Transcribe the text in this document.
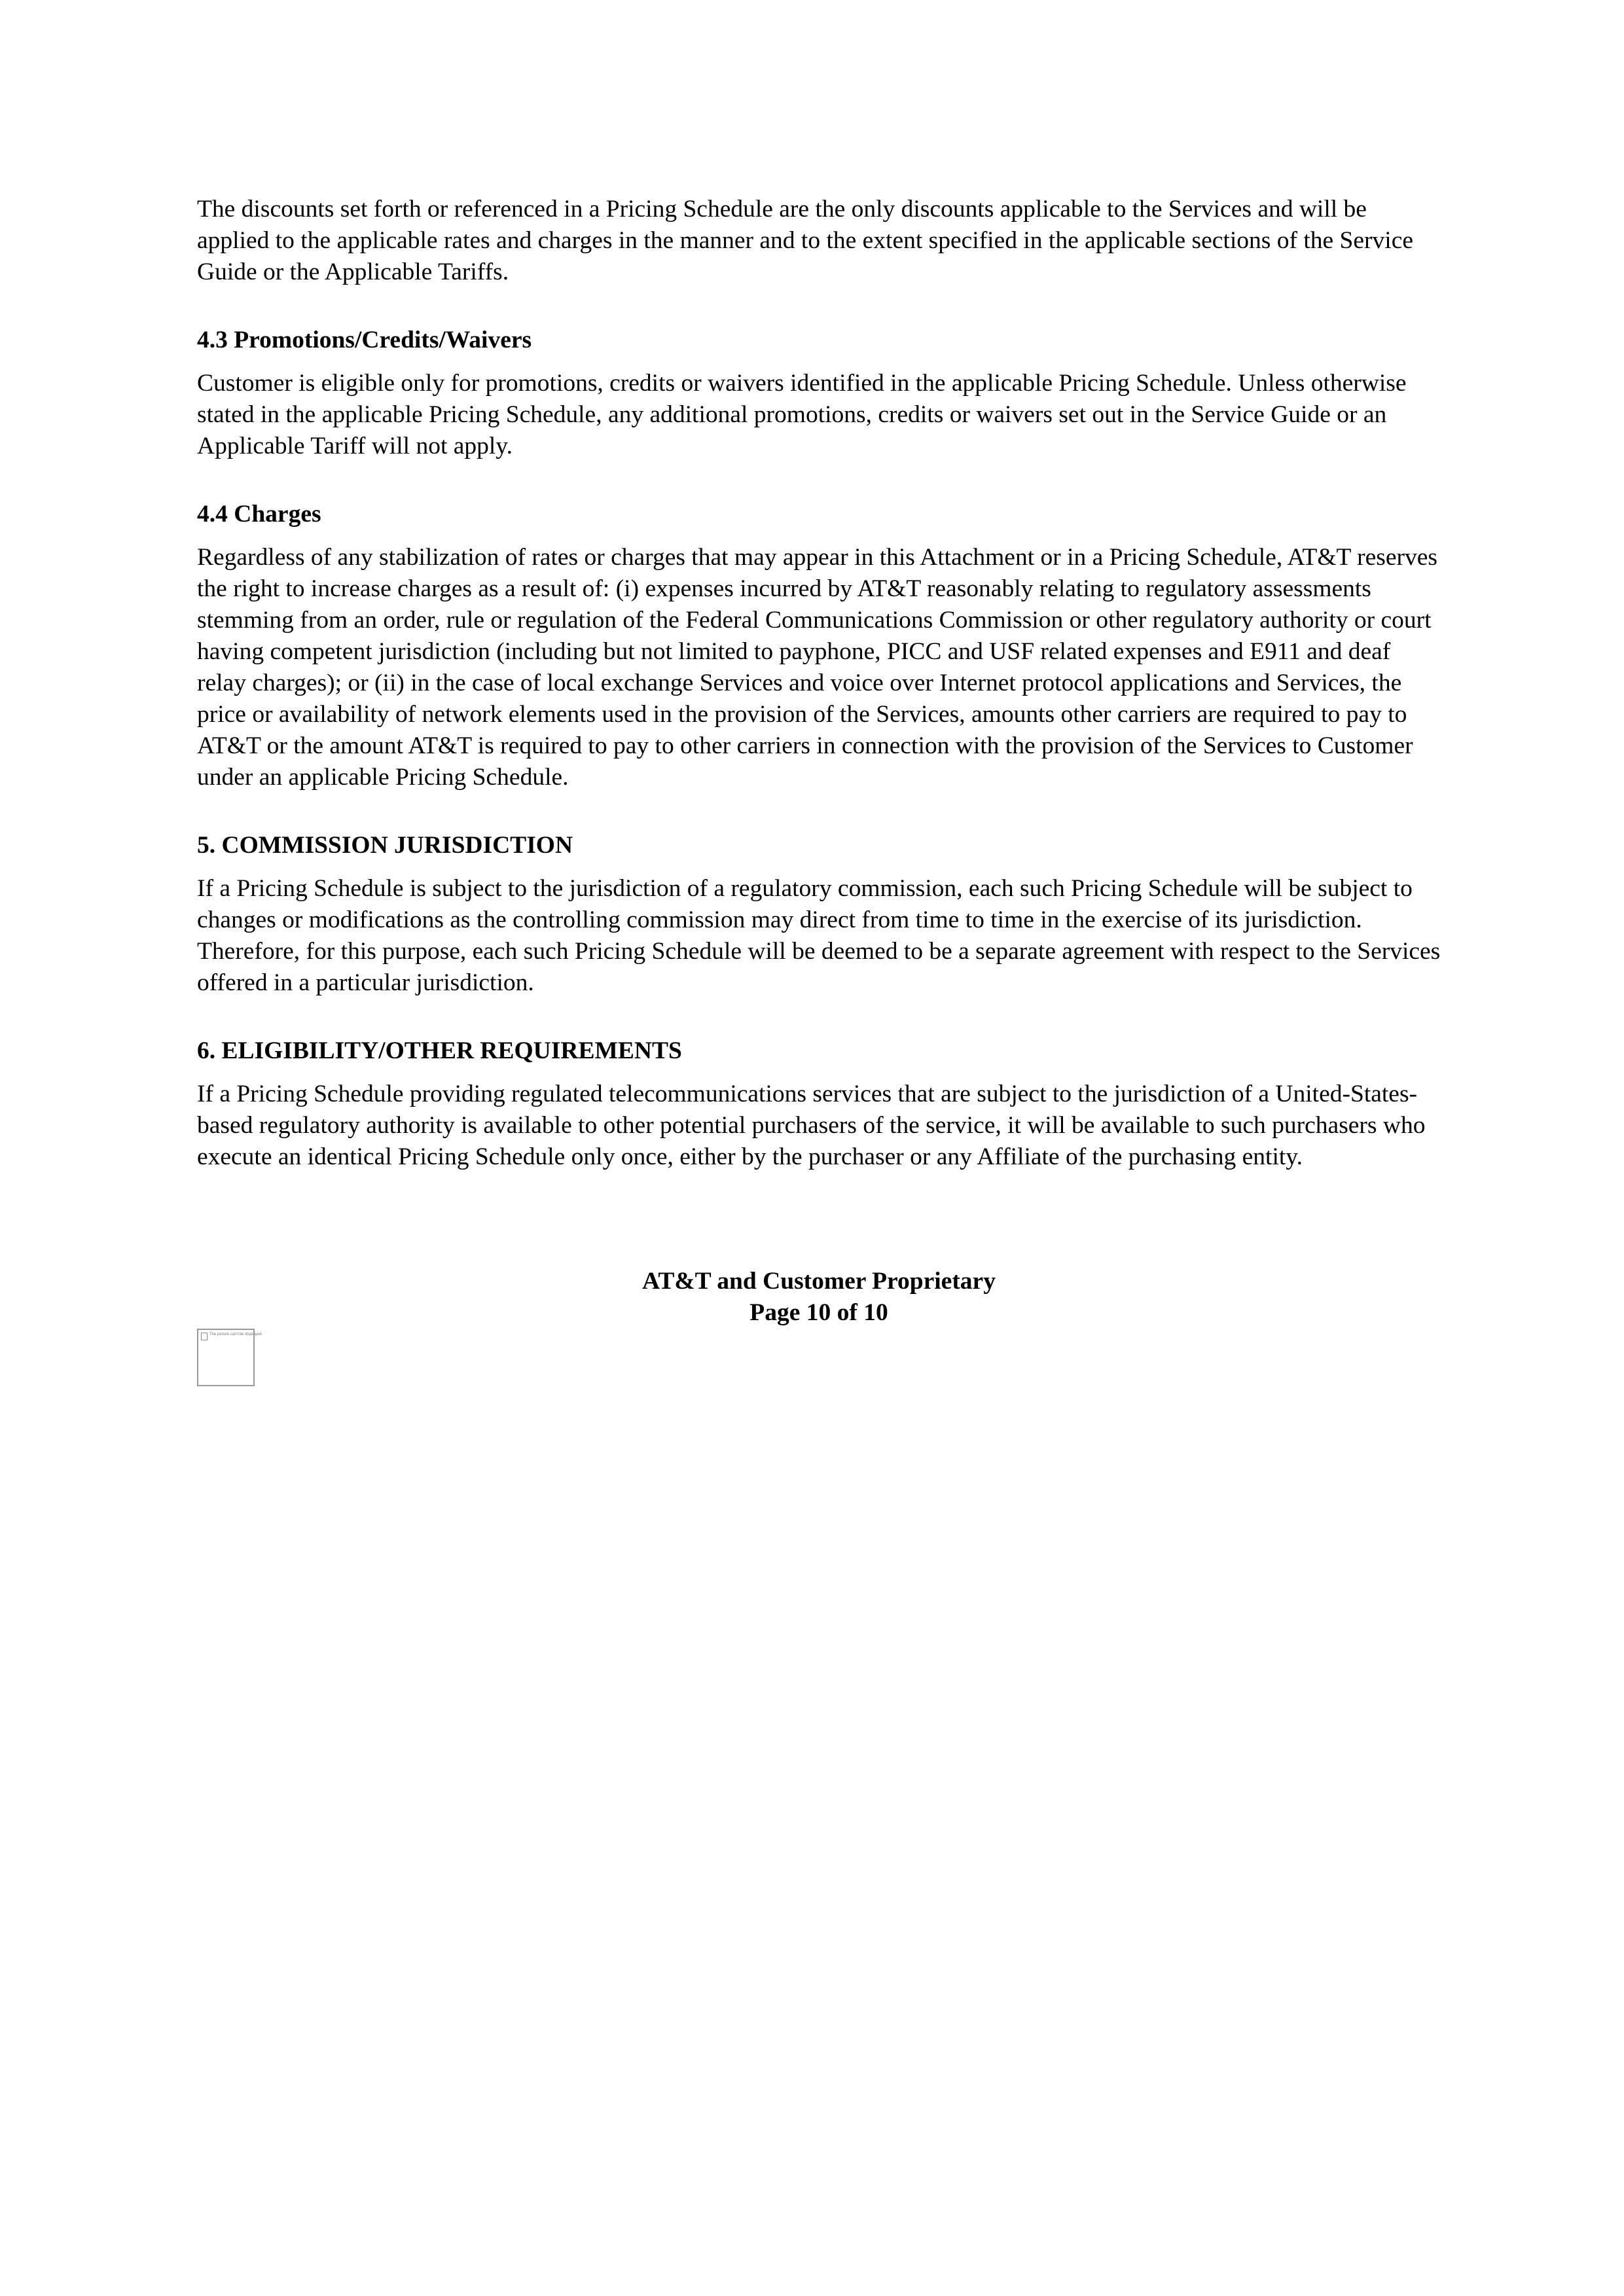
The discounts set forth or referenced in a Pricing Schedule are the only discounts applicable to the Services and will be applied to the applicable rates and charges in the manner and to the extent specified in the applicable sections of the Service Guide or the Applicable Tariffs.

4.3 Promotions/Credits/Waivers

Customer is eligible only for promotions, credits or waivers identified in the applicable Pricing Schedule. Unless otherwise stated in the applicable Pricing Schedule, any additional promotions, credits or waivers set out in the Service Guide or an Applicable Tariff will not apply.

4.4 Charges

Regardless of any stabilization of rates or charges that may appear in this Attachment or in a Pricing Schedule, AT&T reserves the right to increase charges as a result of: (i) expenses incurred by AT&T reasonably relating to regulatory assessments stemming from an order, rule or regulation of the Federal Communications Commission or other regulatory authority or court having competent jurisdiction (including but not limited to payphone, PICC and USF related expenses and E911 and deaf relay charges); or (ii) in the case of local exchange Services and voice over Internet protocol applications and Services, the price or availability of network elements used in the provision of the Services, amounts other carriers are required to pay to AT&T or the amount AT&T is required to pay to other carriers in connection with the provision of the Services to Customer under an applicable Pricing Schedule.

5. COMMISSION JURISDICTION

If a Pricing Schedule is subject to the jurisdiction of a regulatory commission, each such Pricing Schedule will be subject to changes or modifications as the controlling commission may direct from time to time in the exercise of its jurisdiction. Therefore, for this purpose, each such Pricing Schedule will be deemed to be a separate agreement with respect to the Services offered in a particular jurisdiction.

6. ELIGIBILITY/OTHER REQUIREMENTS

If a Pricing Schedule providing regulated telecommunications services that are subject to the jurisdiction of a United-States-based regulatory authority is available to other potential purchasers of the service, it will be available to such purchasers who execute an identical Pricing Schedule only once, either by the purchaser or any Affiliate of the purchasing entity.

AT&T and Customer Proprietary
Page 10 of 10
The picture can't be displayed.
